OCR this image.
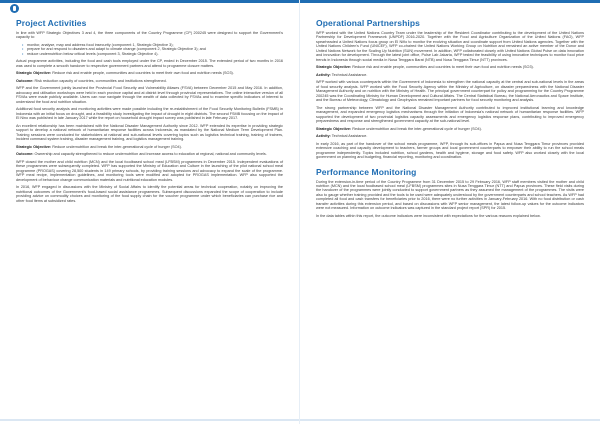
Project Activities

In line with WFP Strategic Objectives 3 and 4, the three components of the Country Programme (CP) 200245 were designed to support the Government's capacity to:

• monitor, analyse, map and address food insecurity (component 1, Strategic Objective 3);
• prepare for and respond to disasters and adapt to climate change (component 2, Strategic Objective 3); and
• reduce undernutrition below critical levels (component 3, Strategic Objective 4).

Actual programme activities, including the food and cash tools employed under the CP, ended in December 2015. The extended period of two months in 2016 was used to complete a smooth handover to respective government partners and attend to programme closure matters.

Strategic Objective: Reduce risk and enable people, communities and countries to meet their own food and nutrition needs (SO3).

Outcome: Risk reduction capacity of countries, communities and institutions strengthened.

WFP and the Government jointly launched the Provincial Food Security and Vulnerability Atlases (FSVA) between December 2015 and May 2016. In addition, advocacy and utilisation workshops were held in each province capital and at district level through provincial representatives. The online interactive version of all FSVAs were made publicly available. Users can now navigate through the wealth of data collected by FSVAs and to examine specific indicators of interest to understand the food and nutrition situation.

Additional food security analysis and monitoring activities were made possible including the re-establishment of the Food Security Monitoring Bulletin (FSMB) in Indonesia with an initial focus on drought, and a feasibility study investigating the impact of drought in eight districts. The second FSMB focusing on the impact of El Nino was published in late January 2017 while the report on household drought impact survey was published in late February 2017.

An excellent relationship has been maintained with the National Disaster Management Authority since 2012. WFP extended its expertise in providing strategic support to develop a national network of humanitarian response facilities across Indonesia, as mandated by the National Medium Term Development Plan. Training sessions were conducted for stakeholders at national and sub-national levels covering topics such as logistics technical training, training of trainers, incident command system training, disaster management training, and logistics management training.

Strategic Objective: Reduce undernutrition and break the inter-generational cycle of hunger (SO4).

Outcome: Ownership and capacity strengthened to reduce undernutrition and increase access to education at regional, national and community levels.

WFP closed the mother and child nutrition (MCN) and the local foodbased school meal (LFBSM) programmes in December 2015. Independent evaluations of these programmes were subsequently completed. WFP has supported the Ministry of Education and Culture in the launching of the pilot national school meal programme (PROGAS) covering 28,500 students in 149 primary schools, by providing training sessions and advocacy to expand the scale of the programme. WFP meal recipe, implementation guidelines, and monitoring tools were modified and adopted for PROGAS implementation. WFP also supported the development of behaviour change communication materials and nutritional education modules.

In 2016, WFP engaged in discussions with the Ministry of Social Affairs to identify the potential areas for technical cooperation, notably on improving the nutritional outcomes of the Government's food-based social assistance programmes. Subsequent discussions expanded the scope of cooperation to include providing advice on commodity choices and monitoring of the food supply chain for the voucher programme under which beneficiaries can purchase rice and other food items at subsidized rates.

Operational Partnerships

WFP worked with the United Nations Country Team under the leadership of the Resident Coordinator contributing to the development of the United Nations Partnership for Development Framework (UNPDF) 2016-2020. Together with the Food and Agriculture Organization of the United Nations (FAO), WFP spearheaded a United Nations focus group on El Niño to monitor the evolving situation and coordinate support from United Nations agencies. Together with the United Nations Children's Fund (UNICEF), WFP co-chaired the United Nations Working Group on Nutrition and remained an active member of the Donor and United Nations Network for the Scaling Up Nutrition (SUN) movement. In addition, WFP collaborated closely with United Nations Global Pulse on data innovation and innovation for development. Through the latest joint office, Pulse Lab Jakarta, WFP tested the feasibility of using innovative techniques to monitor food price trends in Indonesia through social media in Nusa Tenggara Barat (NTB) and Nusa Tenggara Timur (NTT) provinces.

Strategic Objective: Reduce risk and enable people, communities and countries to meet their own food and nutrition needs (SO3).

Activity: Technical Assistance.

WFP worked with various counterparts within the Government of Indonesia to strengthen the national capacity at the central and sub-national levels in the areas of food security analysis. WFP worked with the Food Security Agency within the Ministry of Agriculture, on disaster preparedness with the National Disaster Management Authority and on nutrition with the Ministry of Health. The principal government counterpart for policy and programming for the Country Programme 200245 was the Coordinating Ministry for Human Development and Cultural Affairs. The Central Statistical Bureau, the National Aeronautics and Space Institute, and the Bureau of Meteorology, Climatology and Geophysics remained important partners for food security monitoring and analysis.

The strong partnership between WFP and the National Disaster Management Authority contributed to improved institutional learning and knowledge management, and expanded emergency logistics mechanisms through the initiation of Indonesia's national network of humanitarian response facilities. WFP supported the development of two provincial logistics capacity assessments and emergency logistics response plans, contributing to improved emergency preparedness and response and strengthened government capacity at the sub-national level.

Strategic Objective: Reduce undernutrition and break the inter-generational cycle of hunger (SO4).

Activity: Technical Assistance.

In early 2016, as part of the handover of the school meals programme, WFP, through its sub-offices in Papua and Nusa Tenggara Timur provinces provided extensive coaching and capacity development to teachers, farmer groups and local government counterparts to empower their ability to run the school meals programme independently. Topics included nutrition, school gardens, health and hygiene, storage and food safety. WFP also worked closely with the local government on planning and budgeting, financial reporting, monitoring and coordination.

Performance Monitoring

During the extension-in-time period of the Country Programme from 31 December 2015 to 29 February 2016, WFP staff members visited the mother and child nutrition (MCN) and the local foodbased school meal (LFBSM) programmes sites in Nusa Tenggara Timur (NTT) and Papua provinces. These field visits during the handover of the programmes were jointly conducted to support government partners as they assumed the management of the programmes. The visits were also to gauge whether training provided and the tools to be used were adequately understood by the government counterparts and school teachers. As WFP had completed all food and cash transfers for beneficiaries prior to 2016, there were no further activities in January-February 2016. With no food distribution or cash transfer activities during this extension period, and based on discussions with WFP senior management, the latest follow-up values for the outcome indicators were not measured. Information on outcome indicators was captured in the standard project report (SPR) for 2015.

In the data tables within this report, the outcome indicators were inconsistent with expectations for the various reasons explained below.
